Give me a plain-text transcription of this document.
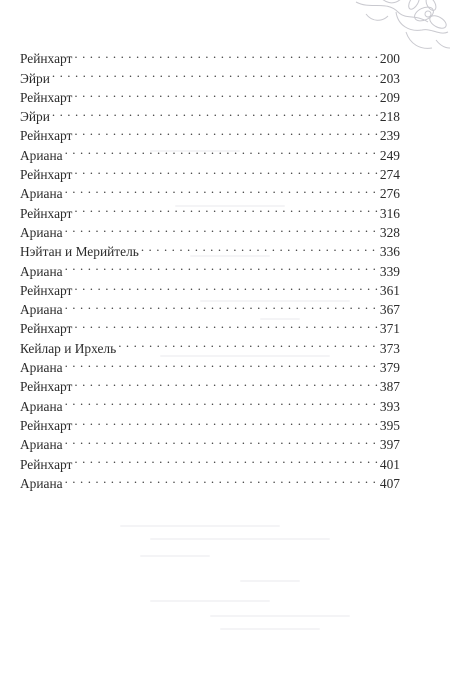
Рейнхарт . . .	200
Эйри . . .	203
Рейнхарт . . .	209
Эйри . . .	218
Рейнхарт . . .	239
Ариана . . .	249
Рейнхарт . . .	274
Ариана . . .	276
Рейнхарт . . .	316
Ариана . . .	328
Нэйтан и Мерийтель . . .	336
Ариана . . .	339
Рейнхарт . . .	361
Ариана . . .	367
Рейнхарт . . .	371
Кейлар и Ирхель . . .	373
Ариана . . .	379
Рейнхарт . . .	387
Ариана . . .	393
Рейнхарт . . .	395
Ариана . . .	397
Рейнхарт . . .	401
Ариана . . .	407
